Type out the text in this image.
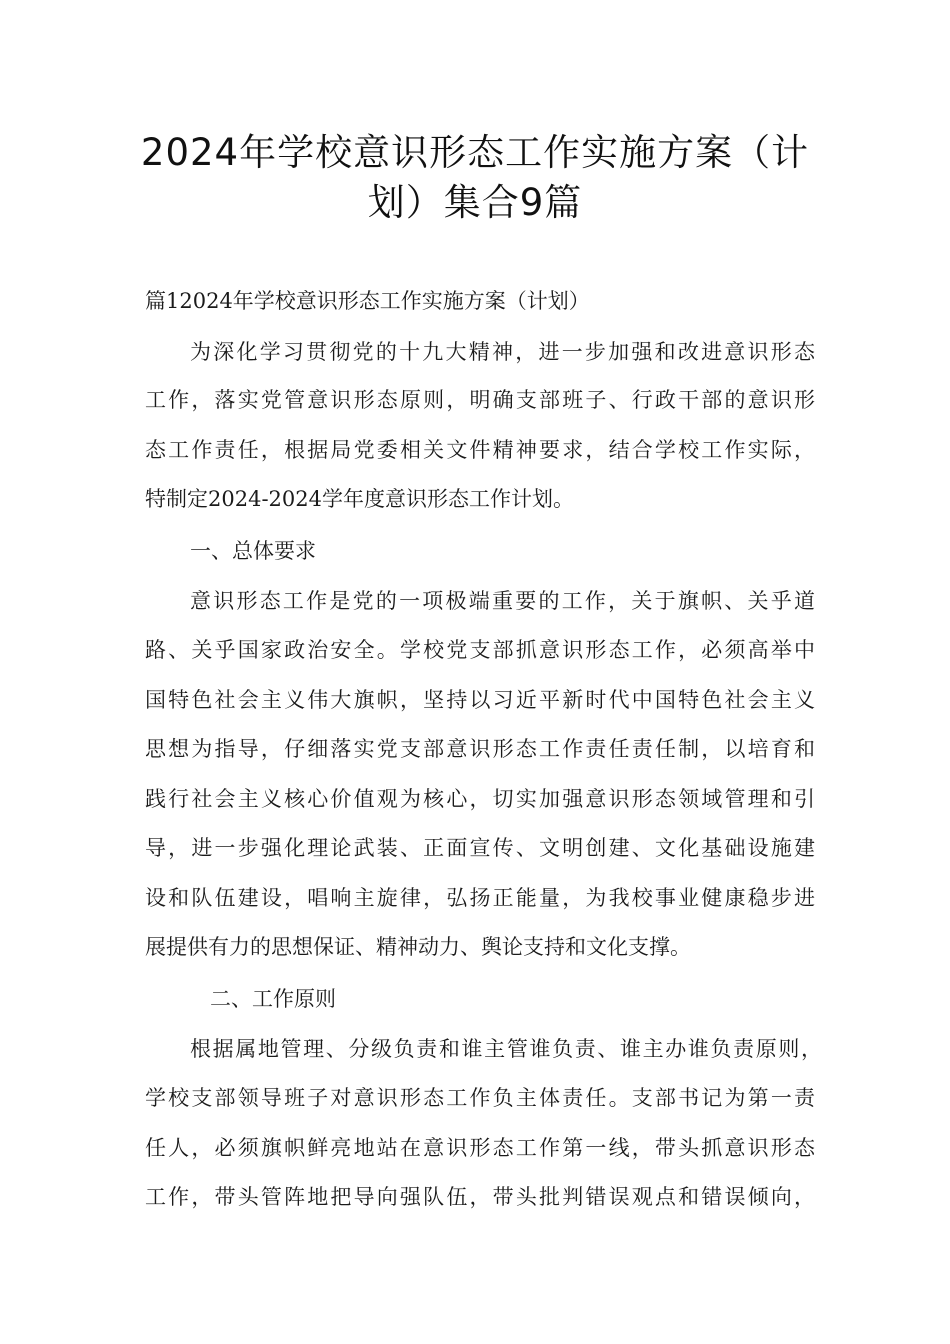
2024年学校意识形态工作实施方案（计
划）集合9篇

篇12024年学校意识形态工作实施方案（计划）

为深化学习贯彻党的十九大精神，进一步加强和改进意识形态

工作，落实党管意识形态原则，明确支部班子、行政干部的意识形

态工作责任，根据局党委相关文件精神要求，结合学校工作实际，

特制定2024-2024学年度意识形态工作计划。

一、总体要求

意识形态工作是党的一项极端重要的工作，关于旗帜、关乎道

路、关乎国家政治安全。学校党支部抓意识形态工作，必须高举中

国特色社会主义伟大旗帜，坚持以习近平新时代中国特色社会主义

思想为指导，仔细落实党支部意识形态工作责任责任制，以培育和

践行社会主义核心价值观为核心，切实加强意识形态领域管理和引

导，进一步强化理论武装、正面宣传、文明创建、文化基础设施建

设和队伍建设，唱响主旋律，弘扬正能量，为我校事业健康稳步进

展提供有力的思想保证、精神动力、舆论支持和文化支撑。

二、工作原则

根据属地管理、分级负责和谁主管谁负责、谁主办谁负责原则，

学校支部领导班子对意识形态工作负主体责任。支部书记为第一责

任人，必须旗帜鲜亮地站在意识形态工作第一线，带头抓意识形态

工作，带头管阵地把导向强队伍，带头批判错误观点和错误倾向，
